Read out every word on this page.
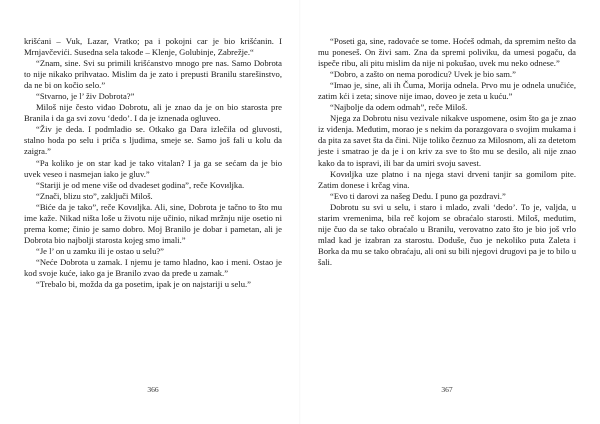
krišćani – Vuk, Lazar, Vratko; pa i pokojni car je bio krišćanin. I Mrnjavčevići. Susedna sela takođe – Klenje, Golubinje, Zabrežje.“

“Znam, sine. Svi su primili krišćanstvo mnogo pre nas. Samo Dobrota to nije nikako prihvatao. Mislim da je zato i prepusti Branilu starešinstvo, da ne bi on kočio selo.”

“Stvarno, je l’ živ Dobrota?”

Miloš nije često viđao Dobrotu, ali je znao da je on bio starosta pre Branila i da ga svi zovu ‘dedo’. I da je iznenada ogluveo.

“Živ je deda. I podmladio se. Otkako ga Dara izlečila od gluvosti, stalno hoda po selu i priča s ljudima, smeje se. Samo još fali u kolu da zaigra.”

“Pa koliko je on star kad je tako vitalan? I ja ga se sećam da je bio uvek veseo i nasmejan iako je gluv.”

“Stariji je od mene više od dvadeset godina”, reče Kovиljka.

“Znači, blizu sto”, zaključi Miloš.

“Biće da je tako”, reče Kovиljka. Ali, sine, Dobrota je tačno to što mu ime kaže. Nikad ništa loše u životu nije učinio, nikad mržnju nije osetio ni prema kome; činio je samo dobro. Moj Branilo je dobar i pametan, ali je Dobrota bio najbolji starosta kojeg smo imali.”

“Je l’ on u zamku ili je ostao u selu?”

“Neće Dobrota u zamak. I njemu je tamo hladno, kao i meni. Ostao je kod svoje kuće, iako ga je Branilo zvao da pređe u zamak.”

“Trebalo bi, možda da ga posetim, ipak je on najstariji u selu.”

366

“Poseti ga, sine, radovaće se tome. Hoćeš odmah, da spremim nešto da mu poneseš. On živi sam. Zna da spremi poliviku, da umesi pogaču, da ispeče ribu, ali pitu mislim da nije ni pokušao, uvek mu neko odnese.”

“Dobro, a zašto on nema porodicu? Uvek je bio sam.”

“Imao je, sine, ali ih Čuma, Morija odnela. Prvo mu je odnela unučiće, zatim kći i zeta; sinove nije imao, doveo je zeta u kuću.”

“Najbolje da odem odmah”, reče Miloš.

Njega za Dobrotu nisu vezivale nikakve uspomene, osim što ga je znao iz viđenja. Međutim, morao je s nekim da porazgovara o svojim mukama i da pita za savet šta da čini. Nije toliko čeznuo za Milosnom, ali za detetom jeste i smatrao je da je i on kriv za sve to što mu se desilo, ali nije znao kako da to ispravi, ili bar da umiri svoju savest.

Kovиljka uze platno i na njega stavi drveni tanjir sa gomilom pite. Zatim donese i krčag vina.

“Evo ti darovi za našeg Dedu. I puno ga pozdravi.”

Dobrotu su svi u selu, i staro i mlado, zvali ‘dedo’. To je, valjda, u starim vremenima, bila reč kojom se obraćalo starosti. Miloš, međutim, nije čuo da se tako obraćalo u Branilu, verovatno zato što je bio još vrlo mlad kad je izabran za starostu. Doduše, čuo je nekoliko puta Zaleta i Borka da mu se tako obraćaju, ali oni su bili njegovi drugovi pa je to bilo u šali.

367
